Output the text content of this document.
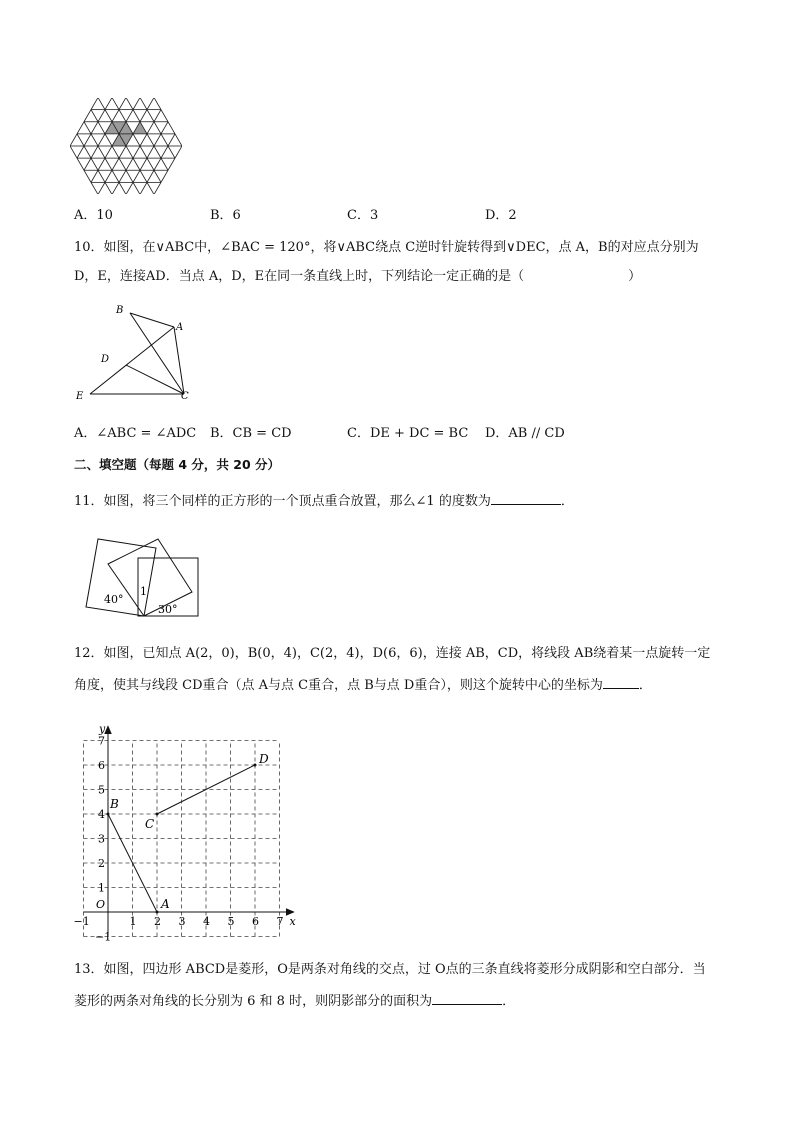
A．10	B．6	C．3	D．2
10．如图，在∨ABC中，∠BAC = 120°，将∨ABC绕点 C逆时针旋转得到∨DEC，点 A，B的对应点分别为
D，E，连接AD．当点 A，D，E在同一条直线上时，下列结论一定正确的是（	）
B
A
D
E	C
A．∠ABC = ∠ADC B．CB = CD	C．DE + DC = BC D．AB // CD
二、填空题（每题 4 分，共 20 分）
11．如图，将三个同样的正方形的一个顶点重合放置，那么∠1 的度数为	．
40°
1
30°
12．如图，已知点 A(2，0)，B(0，4)，C(2，4)，D(6，6)，连接 AB，CD，将线段 AB绕着某一点旋转一定
角度，使其与线段 CD重合（点 A与点 C重合，点 B与点 D重合），则这个旋转中心的坐标为	．
−1	1 2 3 4 5 6 7
−1
1
2
3
4
5
6
7
O
x
y
A
B
C
D
13．如图，四边形 ABCD是菱形，O是两条对角线的交点，过 O点的三条直线将菱形分成阴影和空白部分．当
菱形的两条对角线的长分别为 6 和 8 时，则阴影部分的面积为	．
